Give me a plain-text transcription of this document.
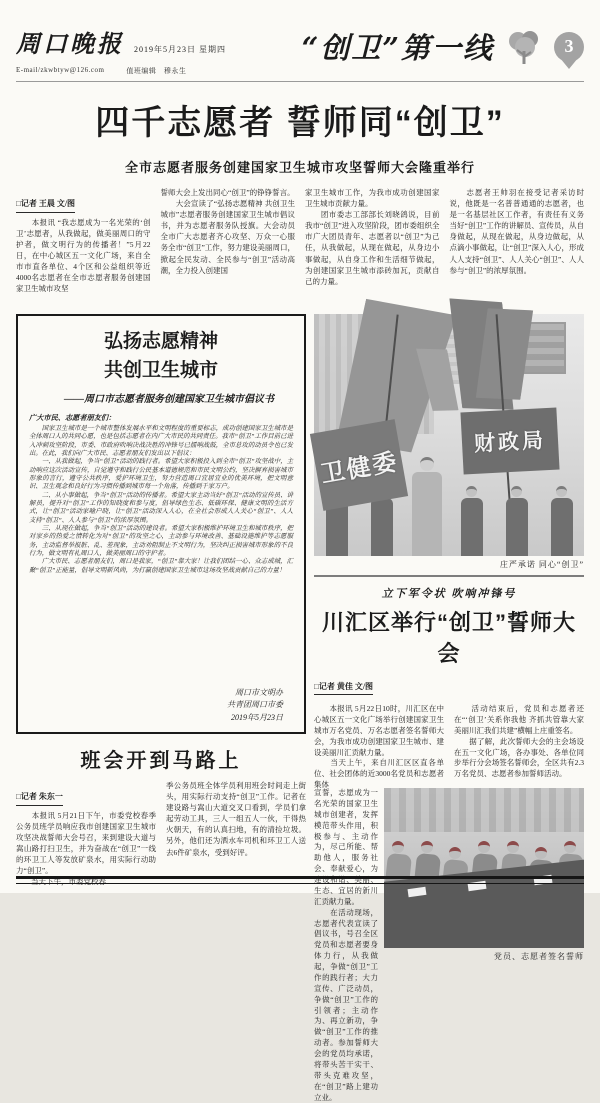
周口晚报 2019年5月23日 星期四
E-mail/zkwbtyw@126.com	值班编辑　穆永生
“创卫”第一线	3
四千志愿者 誓师同“创卫”
全市志愿者服务创建国家卫生城市攻坚誓师大会隆重举行

□记者 王晨 文/图

　　本报讯 “我志愿成为一名光荣的‘创卫’志愿者，从我做起，做美丽周口的守护者，做文明行为的传播者！”5月22日，在中心城区五一文化广场，来自全市市直各单位、4个区和公益组织等近4000名志愿者在全市志愿者服务创建国家卫生城市攻坚

誓师大会上发出同心“创卫”的铮铮誓言。
　　大会宣读了“弘扬志愿精神 共创卫生城市”志愿者服务创建国家卫生城市倡议书，并为志愿者服务队授旗。大会动员全市广大志愿者齐心攻坚、万众一心服务全市“创卫”工作，努力建设美丽周口，掀起全民发动、全民参与“创卫”活动高潮，全力投入创建国
家卫生城市工作，为我市成功创建国家卫生城市贡献力量。
　　团市委志工部部长刘晓鸽说，目前我市“创卫”进入攻坚阶段，团市委组织全市广大团员青年、志愿者以“创卫”为己任，从我做起，从现在做起，从身边小事做起，从自身工作和生活细节做起，为创建国家卫生城市添砖加瓦，贡献自己的力量。
　　志愿者王帅羽在接受记者采访时说，他既是一名普普通通的志愿者，也是一名基层社区工作者，有责任有义务当好“创卫”工作的讲解员、宣传员，从自身做起，从现在做起，从身边做起，从点滴小事做起，让“创卫”深入人心，形成人人支持“创卫”、人人关心“创卫”、人人参与“创卫”的浓厚氛围。
弘扬志愿精神
共创卫生城市
——周口市志愿者服务创建国家卫生城市倡议书
广大市民、志愿者朋友们：

国家卫生城市是一个城市整体发展水平和文明程度的重要标志，成功创建国家卫生城市是全体周口人的共同心愿，也是包括志愿者在内广大市民的共同责任。我市“创卫”工作目前已进入冲刺攻坚阶段，市委、市政府吹响决战决胜的冲锋号已擂响战鼓，全市总攻的动员令也已发出。在此，我们向广大市民、志愿者朋友们发出以下倡议：

一、从我做起，争当“创卫”活动的践行者。希望大家积极投入到全市“创卫”攻坚战中，主动响应这次活动宣传，自觉遵守和践行公民基本道德规范和市民文明公约，坚决摒弃损害城市形象的言行，遵守公共秩序，爱护环境卫生，努力营造周口宜居宜业的优美环境，把文明意识、卫生观念和良好行为习惯传播到城市每一个角落，传播到千家万户。

二、从小事做起，争当“创卫”活动的传播者。希望大家主动当好“创卫”活动的宣传员、讲解员，提升对“创卫”工作的知晓度和参与度，倡导绿色生态、低碳环保、健康文明的生活方式，让“创卫”活动家喻户晓，让“创卫”活动深入人心，在全社会形成人人关心“创卫”、人人支持“创卫”、人人参与“创卫”的浓厚氛围。

三、从现在做起，争当“创卫”活动的建设者。希望大家积极维护环境卫生和城市秩序，把对家乡的热爱之情转化为对“创卫”的攻坚之心，主动参与环境改善、基础设施维护等志愿服务，主动监督举报脏、乱、差现象，主动劝阻制止不文明行为，坚决纠正损害城市形象的不良行为，做文明有礼周口人，做美丽周口的守护者。

广大市民、志愿者朋友们，周口是我家，“创卫”靠大家！让我们团结一心、众志成城，汇聚“创卫”正能量，倡导文明新风尚，为打赢创建国家卫生城市这场攻坚战贡献自己的力量！

周口市文明办
共青团周口市委
2019年5月23日
班会开到马路上

□记者 朱东一

　　本报讯 5月21日下午，市委党校春季公务员班学员响应我市创建国家卫生城市攻坚决战誓师大会号召，来到建设大道与嵩山路打扫卫生，并为奋战在“创卫”一线的环卫工人等发放矿泉水，用实际行动助力“创卫”。
　　当天下午，市委党校春

季公务员班全体学员利用班会时间走上街头，用实际行动支持“创卫”工作。记者在建设路与嵩山大道交叉口看到，学员们拿起劳动工具，三人一组五人一伙，干得热火朝天，有的认真扫地，有的清捡垃圾。另外，他们还为洒水车司机和环卫工人送去6件矿泉水，受到好评。
卫健委
财政局
庄严承诺 同心“创卫”
立下军令状 吹响冲锋号
川汇区举行“创卫”誓师大会
□记者 黄佳 文/图
　　本报讯 5月22日10时，川汇区在中心城区五一文化广场举行创建国家卫生城市万名党员、万名志愿者签名誓师大会，为我市成功创建国家卫生城市、建设美丽川汇贡献力量。
　　当天上午，来自川汇区区直各单位、社会团体的近3000名党员和志愿者集体
　　活动结束后，党员和志愿者还在“‘创卫’关系你我他 齐抓共管靠大家 美丽川汇我们共建”横幅上庄重签名。
　　据了解，此次誓师大会的主会场设在五一文化广场，各办事处、各单位同步举行分会场签名誓师会，全区共有2.3万名党员、志愿者参加誓师活动。
宣誓，志愿成为一名光荣的国家卫生城市创建者，发挥模范带头作用，积极参与、主动作为，尽己所能、帮助他人，服务社会、奉献爱心，为建设和谐、美丽、生态、宜居的新川汇贡献力量。
　　在活动现场，志愿者代表宣读了倡议书，号召全区党员和志愿者要身体力行，从我做起，争做“创卫”工作的践行者；大力宣传、广泛动员，争做“创卫”工作的引领者；主动作为、再立新功，争做“创卫”工作的推动者。参加誓师大会的党员均承诺，将带头苦干实干、带头克难攻坚，在“创卫”路上建功立业。
党员、志愿者签名誓师
